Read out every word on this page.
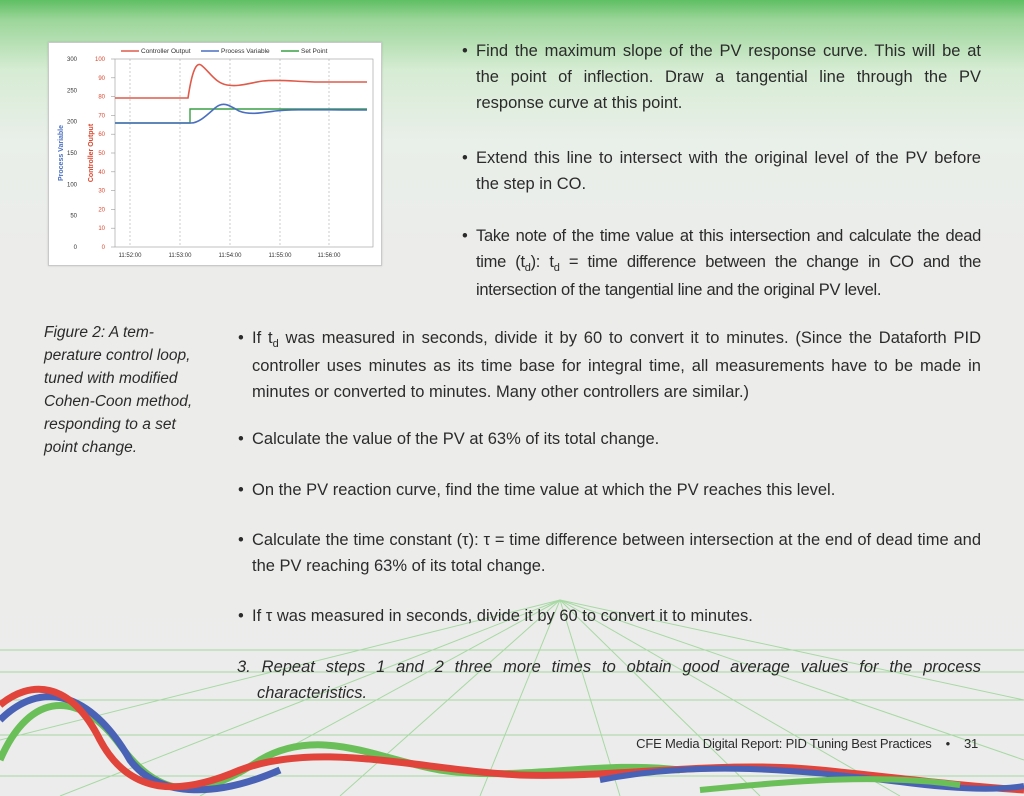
Controller Output	Process Variable	Set Point
Process Variable	Controller Output
300
250
200
150
100
50
0
100
90
80
70
60
50
40
30
20
10
0
11:52:00	11:53:00	11:54:00	11:55:00	11:56:00
• Find the maximum slope of the PV response curve. This will be at the point of inflection. Draw a tangential line through the PV response curve at this point.
• Extend this line to intersect with the original level of the PV before the step in CO.
• Take note of the time value at this intersection and calculate the dead time $(t_d)$: $t_d$ = time difference between the change in CO and the intersection of the tangential line and the original PV level.
Figure 2: A tem-
perature control loop,
tuned with modified
Cohen-Coon method,
responding to a set
point change.
• If $t_d$ was measured in seconds, divide it by 60 to convert it to minutes. (Since the Dataforth PID controller uses minutes as its time base for integral time, all measurements have to be made in minutes or converted to minutes. Many other controllers are similar.)
• Calculate the value of the PV at 63% of its total change.
• On the PV reaction curve, find the time value at which the PV reaches this level.
• Calculate the time constant (τ): τ = time difference between intersection at the end of dead time and the PV reaching 63% of its total change.
• If τ was measured in seconds, divide it by 60 to convert it to minutes.
3. Repeat steps 1 and 2 three more times to obtain good average values for the process characteristics.
CFE Media Digital Report: PID Tuning Best Practices • 31
